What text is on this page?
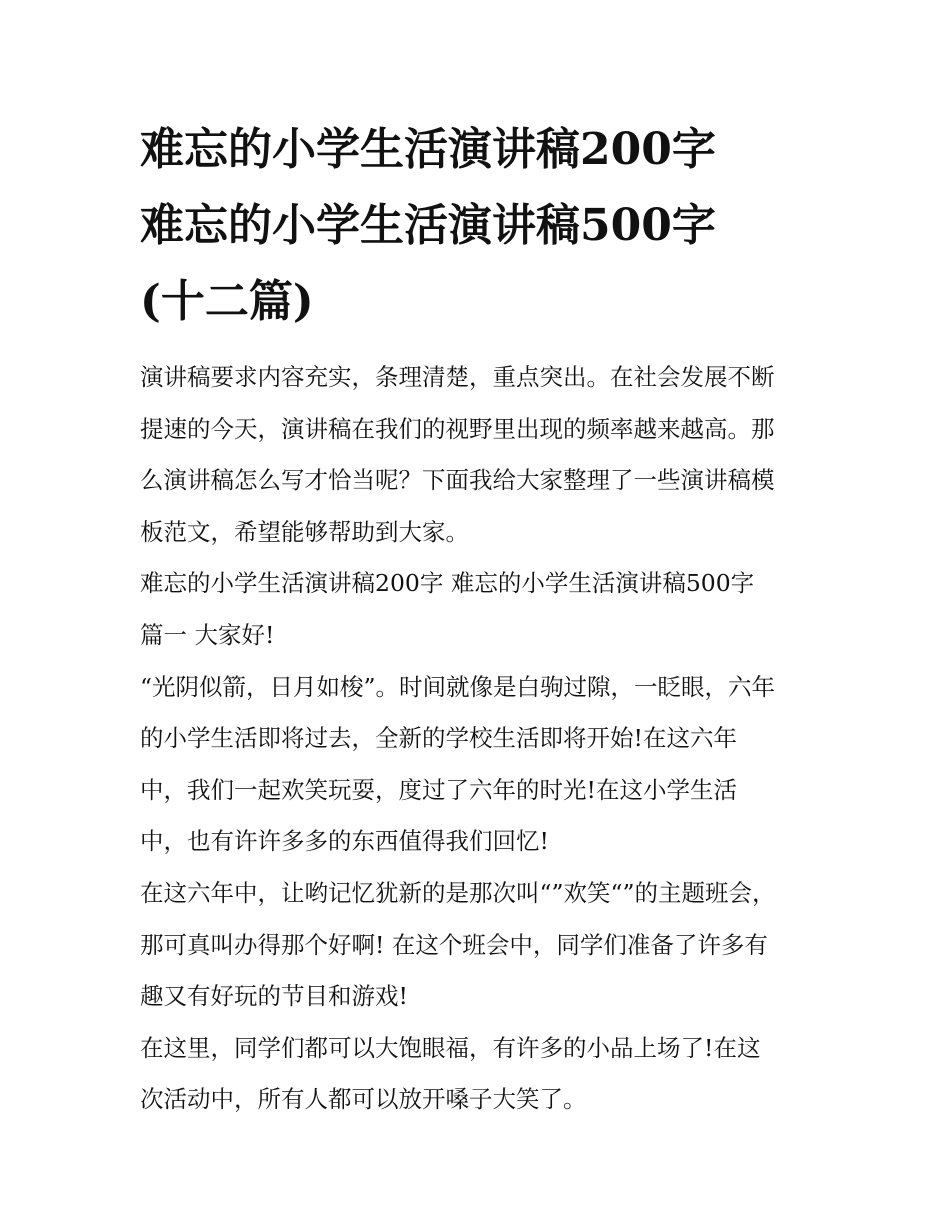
难忘的小学生活演讲稿200字
难忘的小学生活演讲稿500字
(十二篇)

演讲稿要求内容充实，条理清楚，重点突出。在社会发展不断
提速的今天，演讲稿在我们的视野里出现的频率越来越高。那
么演讲稿怎么写才恰当呢？下面我给大家整理了一些演讲稿模
板范文，希望能够帮助到大家。

难忘的小学生活演讲稿200字 难忘的小学生活演讲稿500字

篇一 大家好!

“光阴似箭，日月如梭”。时间就像是白驹过隙，一眨眼，六年
的小学生活即将过去，全新的学校生活即将开始!在这六年
中，我们一起欢笑玩耍，度过了六年的时光!在这小学生活
中，也有许许多多的东西值得我们回忆!

在这六年中，让哟记忆犹新的是那次叫“”欢笑“”的主题班会，
那可真叫办得那个好啊! 在这个班会中，同学们准备了许多有
趣又有好玩的节目和游戏!

在这里，同学们都可以大饱眼福，有许多的小品上场了!在这
次活动中，所有人都可以放开嗓子大笑了。
